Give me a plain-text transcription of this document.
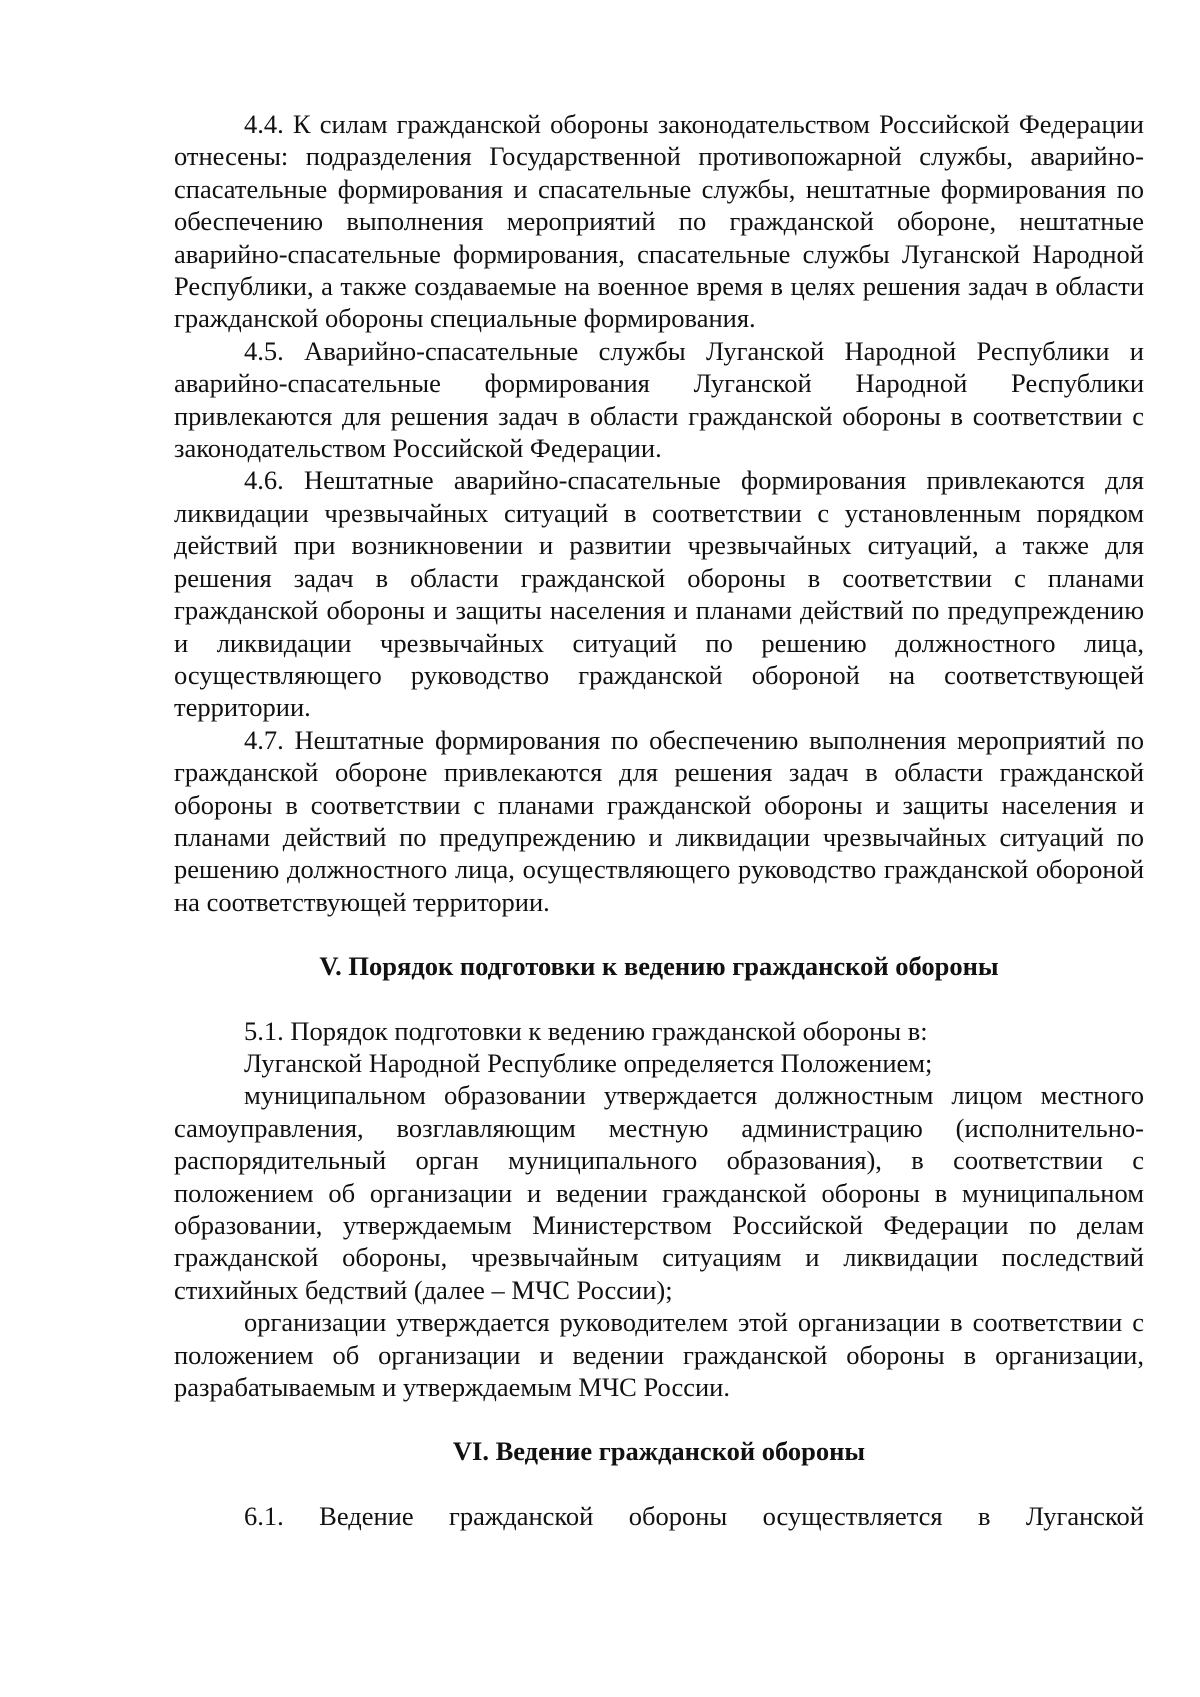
4.4. К силам гражданской обороны законодательством Российской Федерации отнесены: подразделения Государственной противопожарной службы, аварийно-спасательные формирования и спасательные службы, нештатные формирования по обеспечению выполнения мероприятий по гражданской обороне, нештатные аварийно-спасательные формирования, спасательные службы Луганской Народной Республики, а также создаваемые на военное время в целях решения задач в области гражданской обороны специальные формирования.

4.5. Аварийно-спасательные службы Луганской Народной Республики и аварийно-спасательные формирования Луганской Народной Республики привлекаются для решения задач в области гражданской обороны в соответствии с законодательством Российской Федерации.

4.6. Нештатные аварийно-спасательные формирования привлекаются для ликвидации чрезвычайных ситуаций в соответствии с установленным порядком действий при возникновении и развитии чрезвычайных ситуаций, а также для решения задач в области гражданской обороны в соответствии с планами гражданской обороны и защиты населения и планами действий по предупреждению и ликвидации чрезвычайных ситуаций по решению должностного лица, осуществляющего руководство гражданской обороной на соответствующей территории.

4.7. Нештатные формирования по обеспечению выполнения мероприятий по гражданской обороне привлекаются для решения задач в области гражданской обороны в соответствии с планами гражданской обороны и защиты населения и планами действий по предупреждению и ликвидации чрезвычайных ситуаций по решению должностного лица, осуществляющего руководство гражданской обороной на соответствующей территории.

V. Порядок подготовки к ведению гражданской обороны

5.1. Порядок подготовки к ведению гражданской обороны в:

Луганской Народной Республике определяется Положением;

муниципальном образовании утверждается должностным лицом местного самоуправления, возглавляющим местную администрацию (исполнительно-распорядительный орган муниципального образования), в соответствии с положением об организации и ведении гражданской обороны в муниципальном образовании, утверждаемым Министерством Российской Федерации по делам гражданской обороны, чрезвычайным ситуациям и ликвидации последствий стихийных бедствий (далее – МЧС России);

организации утверждается руководителем этой организации в соответствии с положением об организации и ведении гражданской обороны в организации, разрабатываемым и утверждаемым МЧС России.

VI. Ведение гражданской обороны

6.1. Ведение гражданской обороны осуществляется в Луганской
